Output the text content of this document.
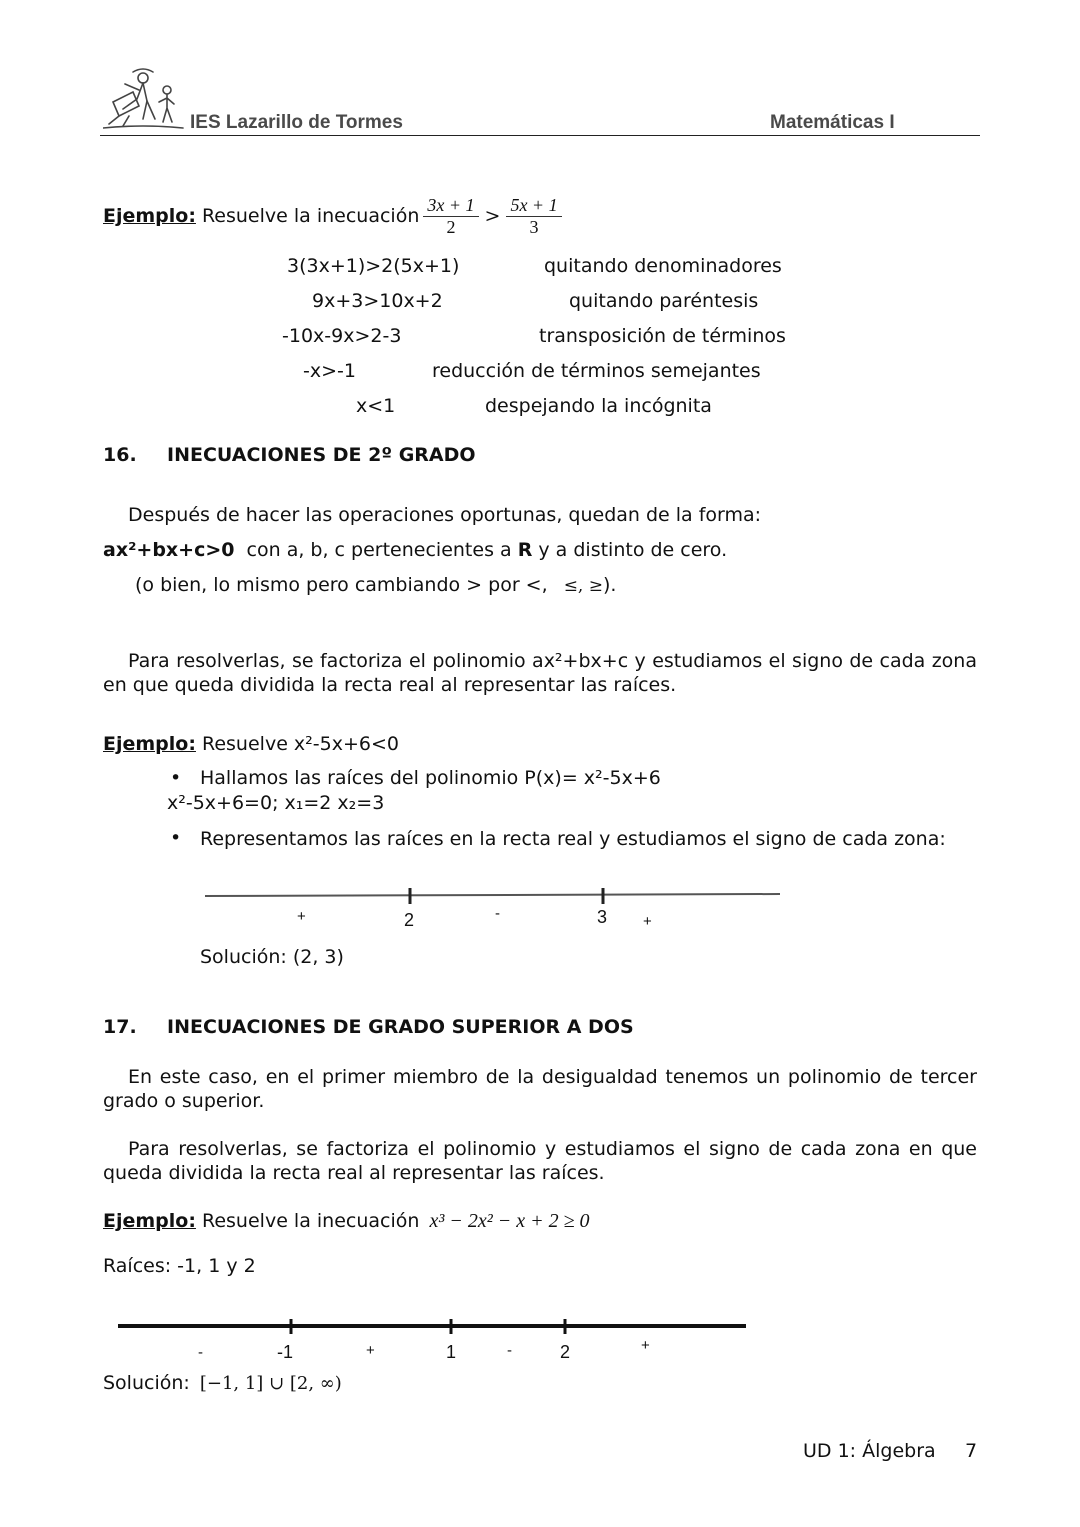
IES Lazarillo de Tormes	Matemáticas I
Ejemplo: Resuelve la inecuación $\frac{3x + 1}{2} > \frac{5x + 1}{3}$
3(3x+1)>2(5x+1)	quitando denominadores
9x+3>10x+2	quitando paréntesis
-10x-9x>2-3	transposición de términos
-x>-1	reducción de términos semejantes
x<1	despejando la incógnita
16. INECUACIONES DE 2º GRADO
Después de hacer las operaciones oportunas, quedan de la forma:
ax²+bx+c>0 con a, b, c pertenecientes a R y a distinto de cero.
(o bien, lo mismo pero cambiando > por <, ≤, ≥).
Para resolverlas, se factoriza el polinomio ax²+bx+c y estudiamos el signo de cada zona en que queda dividida la recta real al representar las raíces.
Ejemplo: Resuelve x²-5x+6<0
• Hallamos las raíces del polinomio P(x)= x²-5x+6
x²-5x+6=0; x₁=2 x₂=3
• Representamos las raíces en la recta real y estudiamos el signo de cada zona:
+	2	-	3 +
Solución: (2, 3)
17. INECUACIONES DE GRADO SUPERIOR A DOS
En este caso, en el primer miembro de la desigualdad tenemos un polinomio de tercer grado o superior.
Para resolverlas, se factoriza el polinomio y estudiamos el signo de cada zona en que queda dividida la recta real al representar las raíces.
Ejemplo: Resuelve la inecuación x³ − 2x² − x + 2 ≥ 0
Raíces: -1, 1 y 2
-	-1	+	1	-	2	+
Solución: [−1, 1] ∪ [2, ∞)
UD 1: Álgebra 7
